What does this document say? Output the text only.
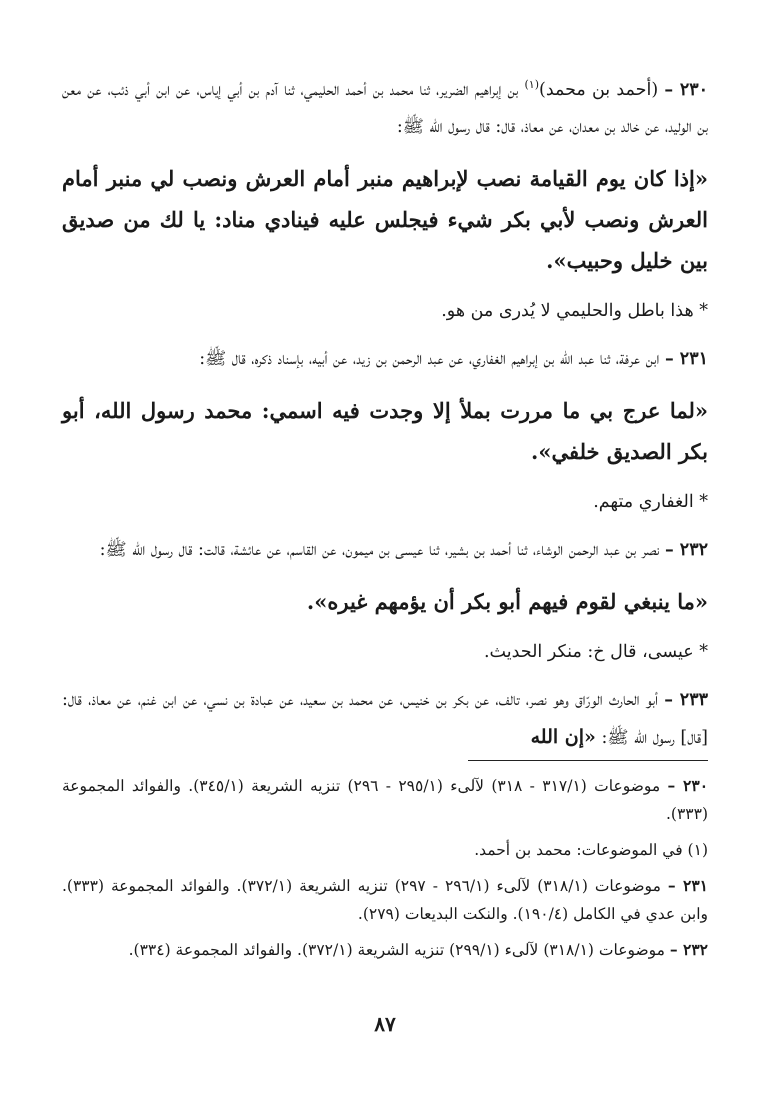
٢٣٠ – (أحمد بن محمد)$^{(١)}$ بن إبراهيم الضرير، ثنا محمد بن أحمد الحليمي، ثنا آدم بن أبي إياس، عن ابن أبي ذئب، عن معن بن الوليد، عن خالد بن معدان، عن معاذ، قال: قال رسول الله ﷺ:

«إذا كان يوم القيامة نصب لإبراهيم منبر أمام العرش ونصب لي منبر أمام العرش ونصب لأبي بكر شيء فيجلس عليه فينادي مناد: يا لك من صديق بين خليل وحبيب».

* هذا باطل والحليمي لا يُدرى من هو.

٢٣١ – ابن عرفة، ثنا عبد الله بن إبراهيم الغفاري، عن عبد الرحمن بن زيد، عن أبيه، بإسناد ذكره، قال ﷺ:

«لما عرج بي ما مررت بملأ إلا وجدت فيه اسمي: محمد رسول الله، أبو بكر الصديق خلفي».

* الغفاري متهم.

٢٣٢ – نصر بن عبد الرحمن الوشاء، ثنا أحمد بن بشير، ثنا عيسى بن ميمون، عن القاسم، عن عائشة، قالت: قال رسول الله ﷺ:

«ما ينبغي لقوم فيهم أبو بكر أن يؤمهم غيره».

* عيسى، قال خ: منكر الحديث.

٢٣٣ – أبو الحارث الورّاق وهو نصر، تالف، عن بكر بن خنيس، عن محمد بن سعيد، عن عبادة بن نسي، عن ابن غنم، عن معاذ، قال: [قال] رسول الله ﷺ: «إن الله

٢٣٠ – موضوعات (٣١٧/١ - ٣١٨) لآلىء (٢٩٥/١ - ٢٩٦) تنزيه الشريعة (٣٤٥/١). والفوائد المجموعة (٣٣٣).

(١) في الموضوعات: محمد بن أحمد.

٢٣١ – موضوعات (٣١٨/١) لآلىء (٢٩٦/١ - ٢٩٧) تنزيه الشريعة (٣٧٢/١). والفوائد المجموعة (٣٣٣). وابن عدي في الكامل (١٩٠/٤). والنكت البديعات (٢٧٩).

٢٣٢ – موضوعات (٣١٨/١) لآلىء (٢٩٩/١) تنزيه الشريعة (٣٧٢/١). والفوائد المجموعة (٣٣٤).

٨٧
